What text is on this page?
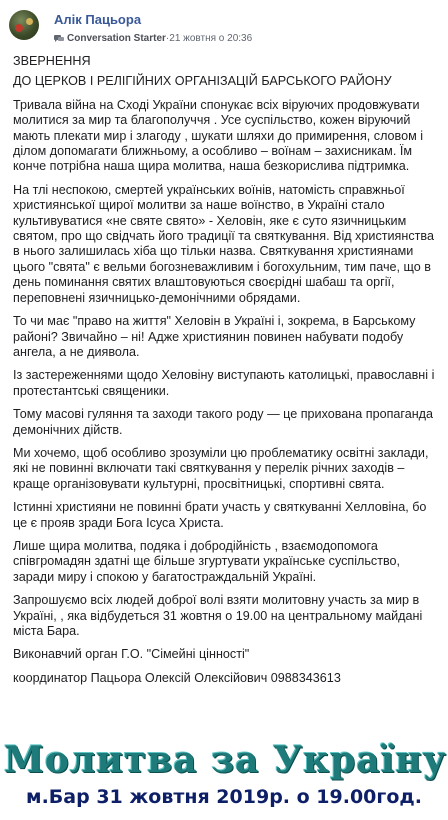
Алік Пацьора
Conversation Starter · 21 жовтня о 20:36

ЗВЕРНЕННЯ

ДО ЦЕРКОВ І РЕЛІГІЙНИХ ОРГАНІЗАЦІЙ БАРСЬКОГО РАЙОНУ

Тривала війна на Сході України спонукає всіх віруючих продовжувати молитися за мир та благополуччя . Усе суспільство, кожен віруючий мають плекати мир і злагоду , шукати шляхи до примирення, словом і ділом допомагати ближньому, а особливо – воїнам – захисникам. Їм конче потрібна наша щира молитва, наша безкорислива підтримка.

На тлі неспокою, смертей українських воїнів, натомість справжньої християнської щирої молитви за наше воїнство, в Україні стало культивуватися «не святе свято» - Хеловін, яке є суто язичницьким святом, про що свідчать його традиції та святкування. Від християнства в нього залишилась хіба що тільки назва. Святкування християнами цього "свята" є вельми богозневажливим і богохульним, тим паче, що в день поминання святих влаштовуються своєрідні шабаш та оргії, переповнені язичницько-демонічними обрядами.

То чи має "право на життя" Хеловін в Україні і, зокрема, в Барському районі? Звичайно – ні! Адже християнин повинен набувати подобу ангела, а не диявола.

Із застереженнями щодо Хеловіну виступають католицькі, православні і протестантські священики.

Тому масові гуляння та заходи такого роду — це прихована пропаганда демонічних дійств.

Ми хочемо, щоб особливо зрозуміли цю проблематику освітні заклади, які не повинні включати такі святкування у перелік річних заходів – краще організовувати культурні, просвітницькі, спортивні свята.

Істинні християни не повинні брати участь у святкуванні Хелловіна, бо це є прояв зради Бога Ісуса Христа.

Лише щира молитва, подяка і добродійність , взаємодопомога співгромадян здатні ще більше згуртувати українське суспільство, заради миру і спокою у багатостраждальній Україні.

Запрошуємо всіх людей доброї волі взяти молитовну участь за мир в Україні, , яка відбудеться 31 жовтня о 19.00 на центральному майдані міста Бара.

Виконавчий орган Г.О. "Сімейні цінності"

координатор Пацьора Олексій Олексійович 0988343613

Молитва за Україну
м.Бар 31 жовтня 2019р. о 19.00год.
